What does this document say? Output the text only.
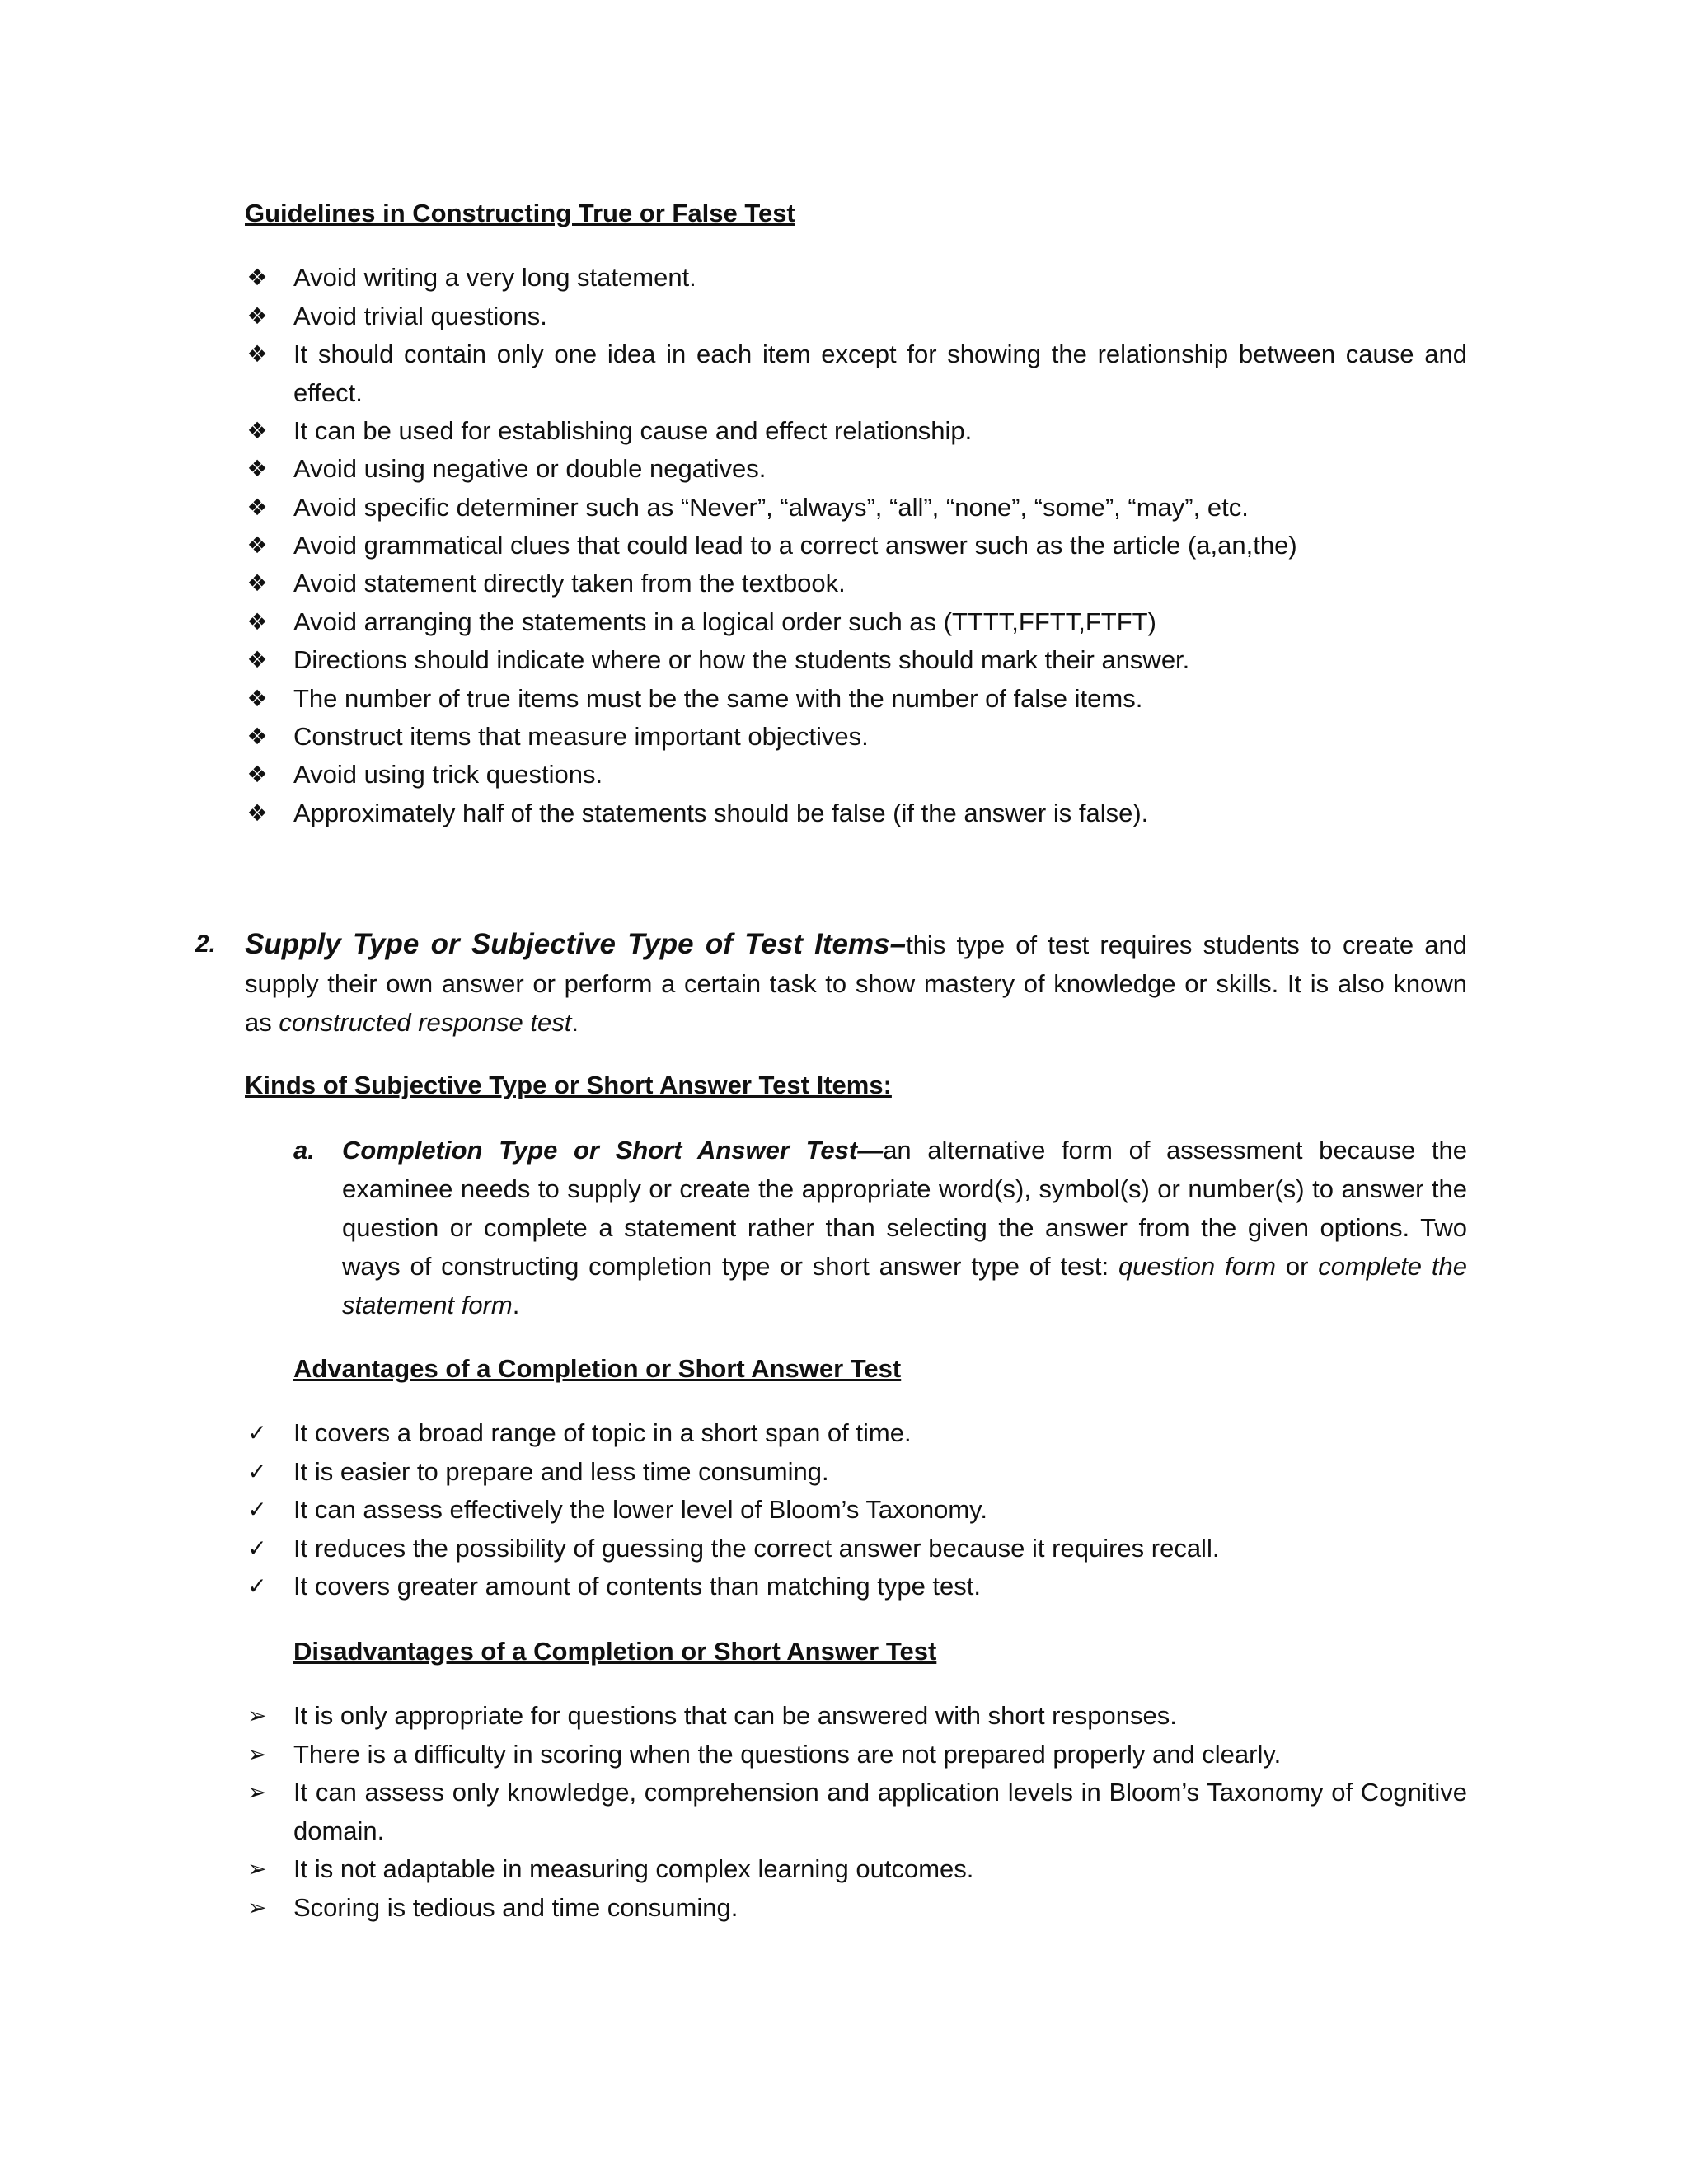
Guidelines in Constructing True or False Test
❖ Avoid writing a very long statement.
❖ Avoid trivial questions.
❖ It should contain only one idea in each item except for showing the relationship between cause and effect.
❖ It can be used for establishing cause and effect relationship.
❖ Avoid using negative or double negatives.
❖ Avoid specific determiner such as “Never”, “always”, “all”, “none”, “some”, “may”, etc.
❖ Avoid grammatical clues that could lead to a correct answer such as the article (a,an,the)
❖ Avoid statement directly taken from the textbook.
❖ Avoid arranging the statements in a logical order such as (TTTT,FFTT,FTFT)
❖ Directions should indicate where or how the students should mark their answer.
❖ The number of true items must be the same with the number of false items.
❖ Construct items that measure important objectives.
❖ Avoid using trick questions.
❖ Approximately half of the statements should be false (if the answer is false).
2. Supply Type or Subjective Type of Test Items–this type of test requires students to create and supply their own answer or perform a certain task to show mastery of knowledge or skills. It is also known as constructed response test.
Kinds of Subjective Type or Short Answer Test Items:
a. Completion Type or Short Answer Test—an alternative form of assessment because the examinee needs to supply or create the appropriate word(s), symbol(s) or number(s) to answer the question or complete a statement rather than selecting the answer from the given options. Two ways of constructing completion type or short answer type of test: question form or complete the statement form.
Advantages of a Completion or Short Answer Test
✓ It covers a broad range of topic in a short span of time.
✓ It is easier to prepare and less time consuming.
✓ It can assess effectively the lower level of Bloom’s Taxonomy.
✓ It reduces the possibility of guessing the correct answer because it requires recall.
✓ It covers greater amount of contents than matching type test.
Disadvantages of a Completion or Short Answer Test
➢ It is only appropriate for questions that can be answered with short responses.
➢ There is a difficulty in scoring when the questions are not prepared properly and clearly.
➢ It can assess only knowledge, comprehension and application levels in Bloom’s Taxonomy of Cognitive domain.
➢ It is not adaptable in measuring complex learning outcomes.
➢ Scoring is tedious and time consuming.
